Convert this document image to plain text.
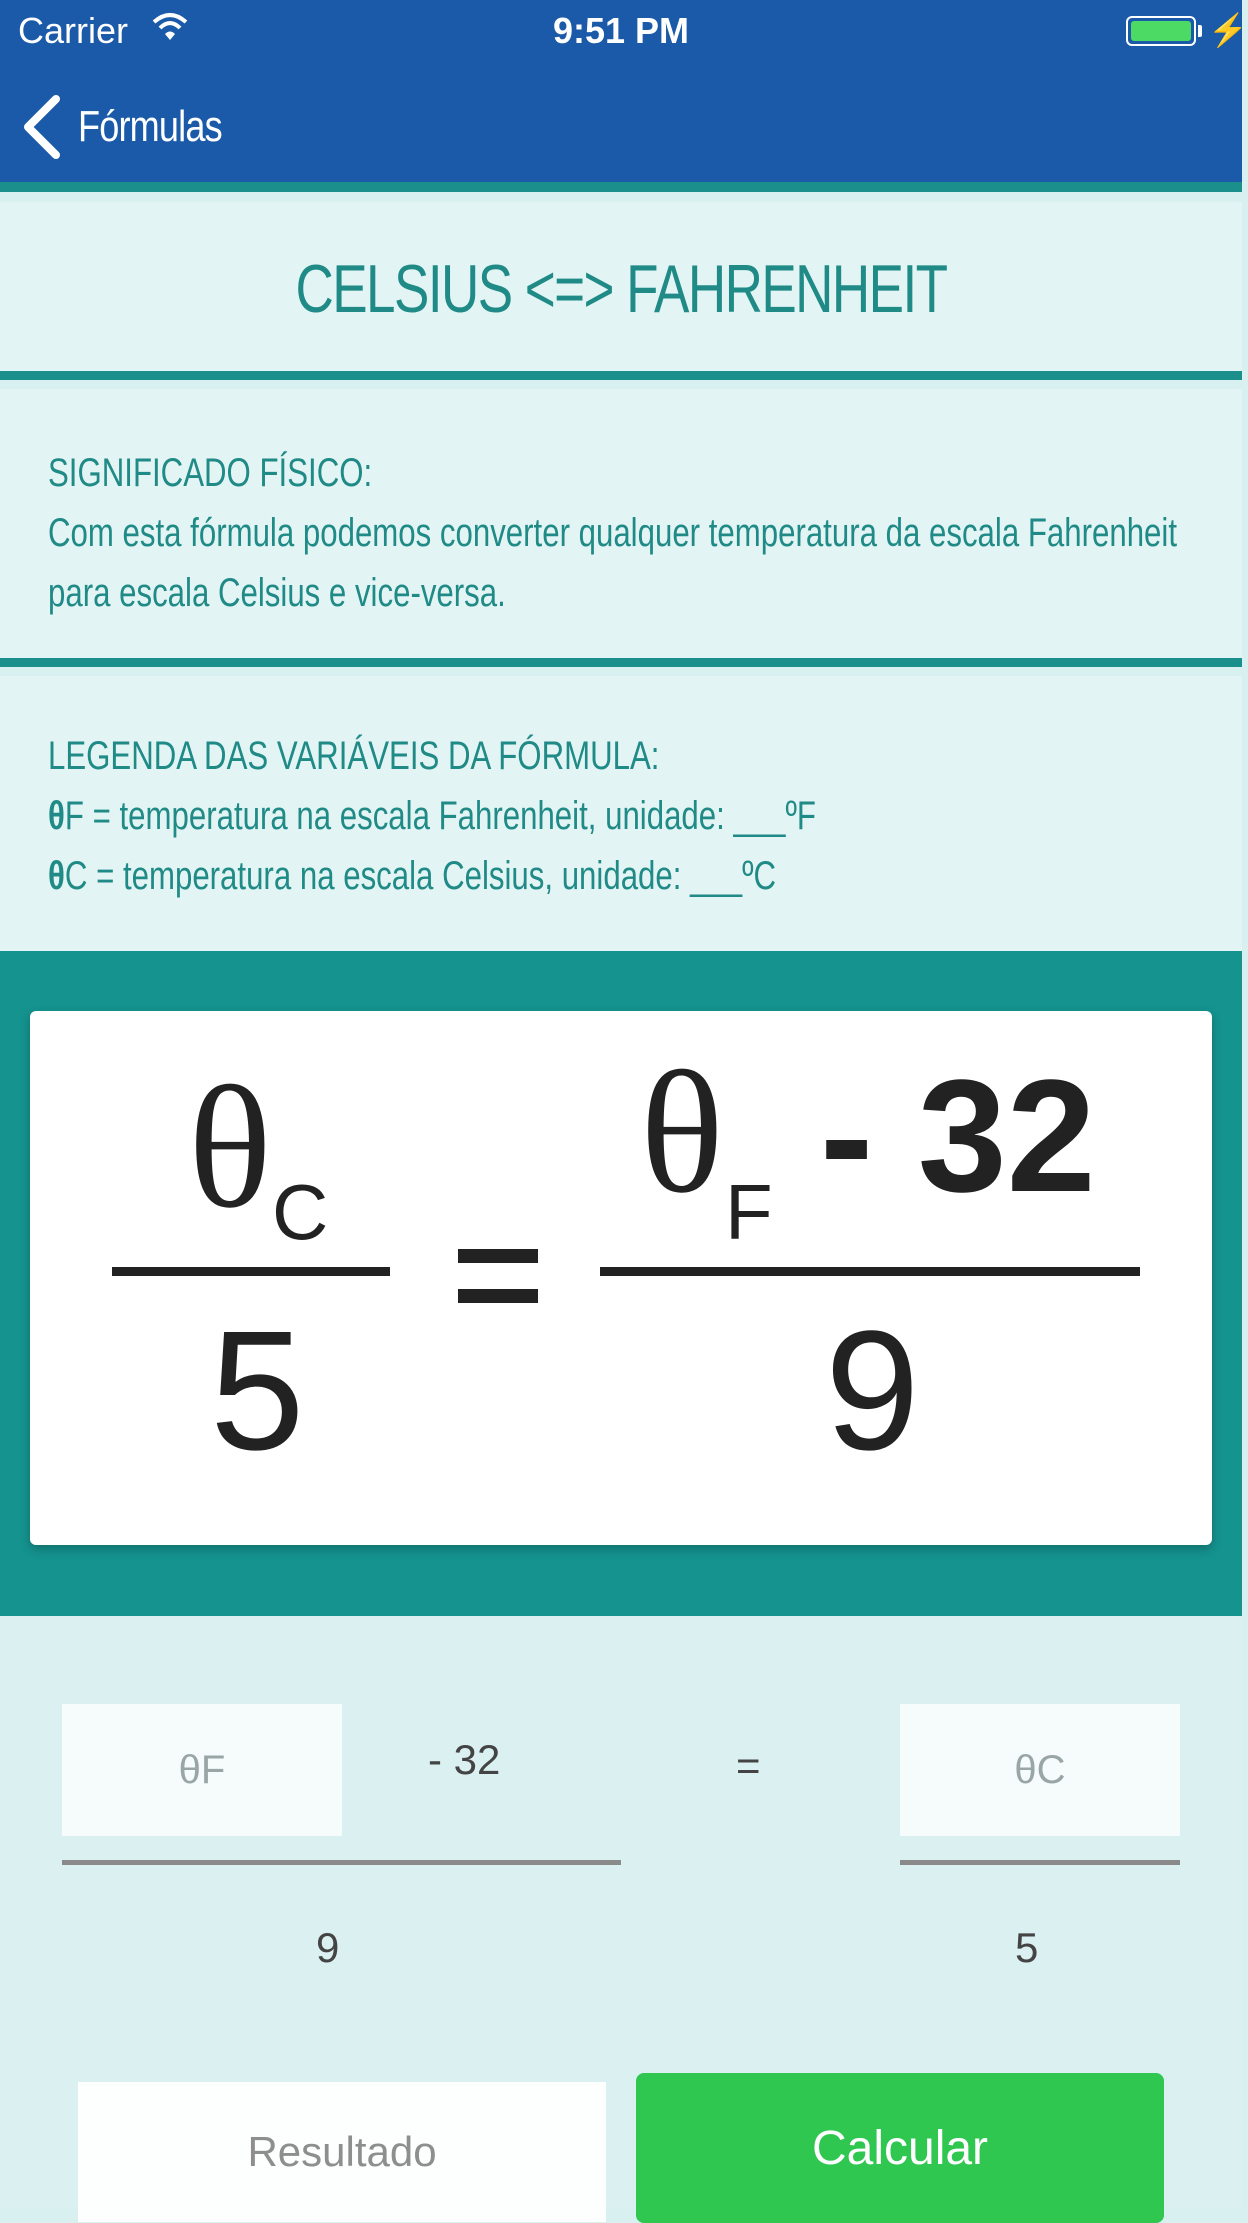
Carrier	9:51 PM	⚡
Fórmulas
CELSIUS <=> FAHRENHEIT
SIGNIFICADO FÍSICO:
Com esta fórmula podemos converter qualquer temperatura da escala Fahrenheit
para escala Celsius e vice-versa.
LEGENDA DAS VARIÁVEIS DA FÓRMULA:
θF = temperatura na escala Fahrenheit, unidade: ___ºF
θC = temperatura na escala Celsius, unidade: ___ºC
θ C
5
θ F - 32
9
θF
- 32	=
θC
9	5
Resultado	Calcular
